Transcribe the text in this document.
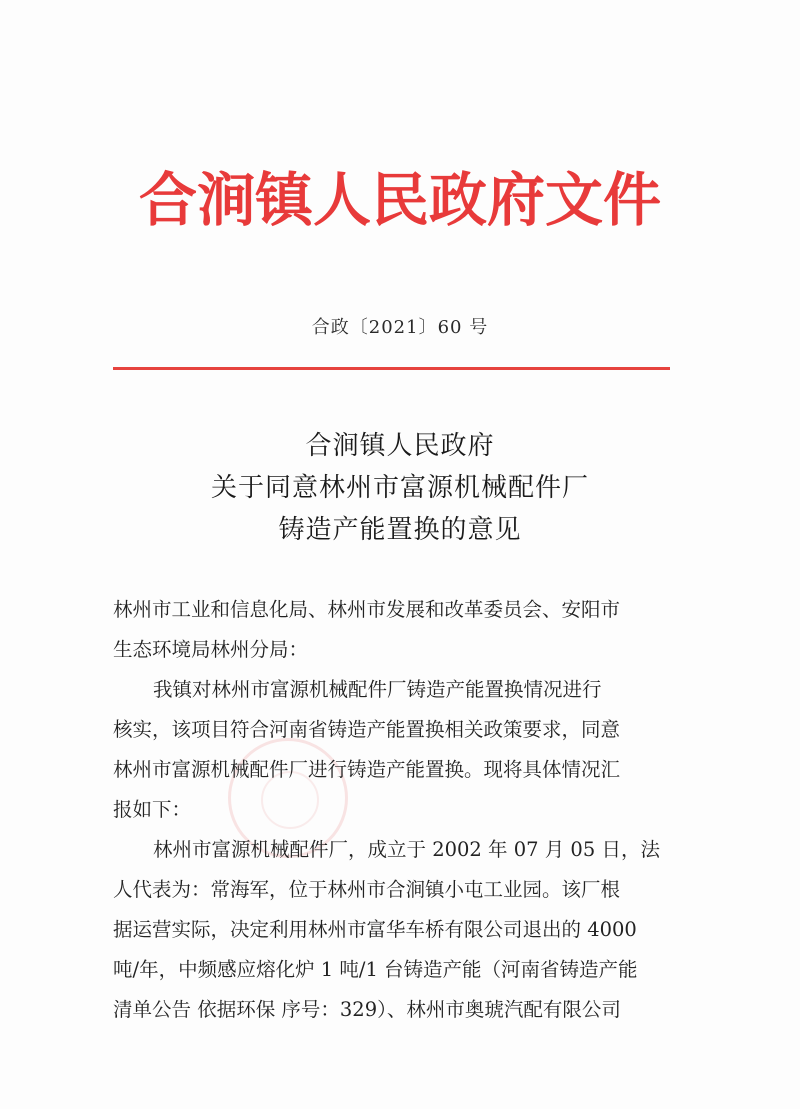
合涧镇人民政府文件
合政〔2021〕60 号
合涧镇人民政府
关于同意林州市富源机械配件厂
铸造产能置换的意见
林州市工业和信息化局、林州市发展和改革委员会、安阳市
生态环境局林州分局：
我镇对林州市富源机械配件厂铸造产能置换情况进行
核实，该项目符合河南省铸造产能置换相关政策要求，同意
林州市富源机械配件厂进行铸造产能置换。现将具体情况汇
报如下：
林州市富源机械配件厂，成立于 2002 年 07 月 05 日，法
人代表为：常海军，位于林州市合涧镇小屯工业园。该厂根
据运营实际，决定利用林州市富华车桥有限公司退出的 4000
吨/年，中频感应熔化炉 1 吨/1 台铸造产能（河南省铸造产能
清单公告 依据环保 序号：329）、林州市奥琥汽配有限公司
